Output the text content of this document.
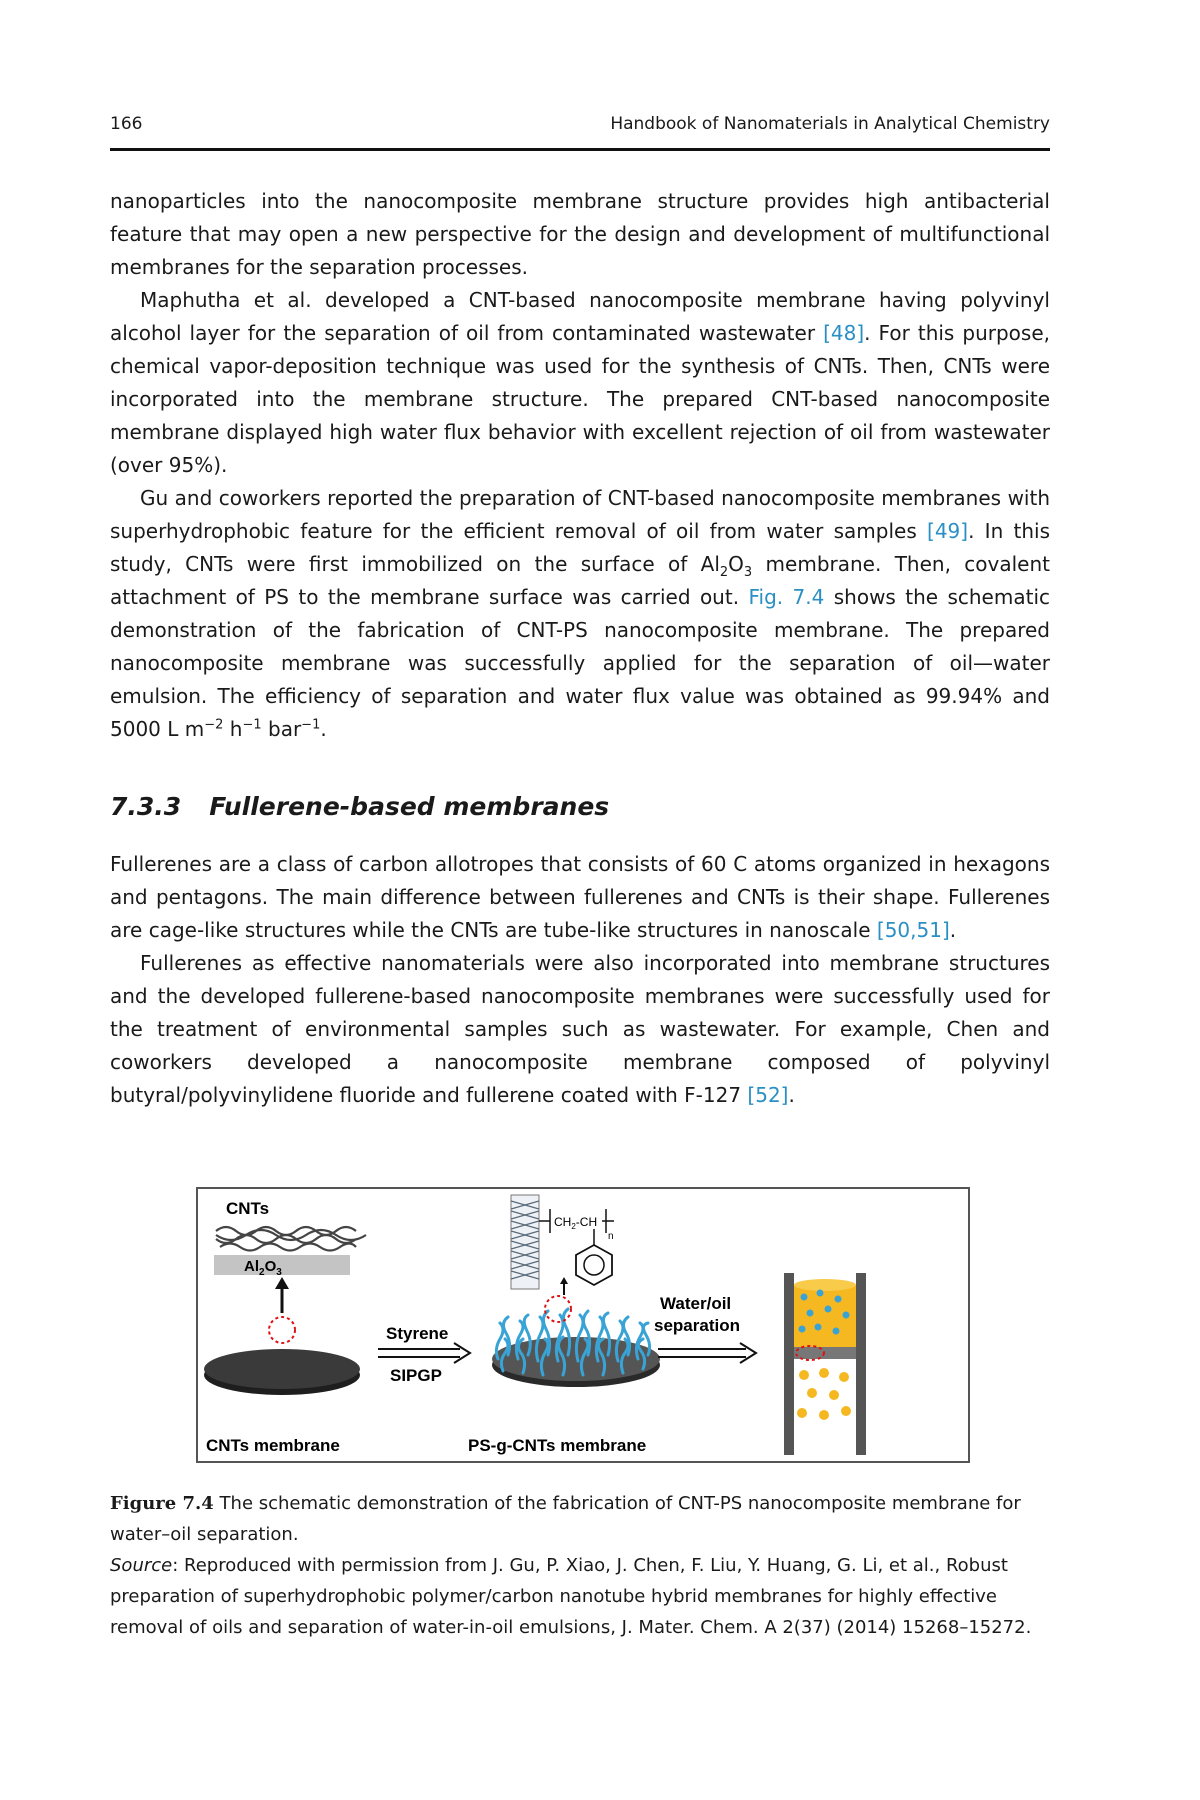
166	Handbook of Nanomaterials in Analytical Chemistry

nanoparticles into the nanocomposite membrane structure provides high antibacterial feature that may open a new perspective for the design and development of multifunctional membranes for the separation processes.

Maphutha et al. developed a CNT-based nanocomposite membrane having polyvinyl alcohol layer for the separation of oil from contaminated wastewater [48]. For this purpose, chemical vapor-deposition technique was used for the synthesis of CNTs. Then, CNTs were incorporated into the membrane structure. The prepared CNT-based nanocomposite membrane displayed high water flux behavior with excellent rejection of oil from wastewater (over 95%).

Gu and coworkers reported the preparation of CNT-based nanocomposite membranes with superhydrophobic feature for the efficient removal of oil from water samples [49]. In this study, CNTs were first immobilized on the surface of $Al_2O_3$ membrane. Then, covalent attachment of PS to the membrane surface was carried out. Fig. 7.4 shows the schematic demonstration of the fabrication of CNT-PS nanocomposite membrane. The prepared nanocomposite membrane was successfully applied for the separation of oil—water emulsion. The efficiency of separation and water flux value was obtained as 99.94% and 5000 L $m^{-2}$ $h^{-1}$ bar$^{-1}$.

7.3.3 Fullerene-based membranes

Fullerenes are a class of carbon allotropes that consists of 60 C atoms organized in hexagons and pentagons. The main difference between fullerenes and CNTs is their shape. Fullerenes are cage-like structures while the CNTs are tube-like structures in nanoscale [50,51].

Fullerenes as effective nanomaterials were also incorporated into membrane structures and the developed fullerene-based nanocomposite membranes were successfully used for the treatment of environmental samples such as wastewater. For example, Chen and coworkers developed a nanocomposite membrane composed of polyvinyl butyral/polyvinylidene fluoride and fullerene coated with F-127 [52].

CNTs
$Al_2O_3$
CNTs membrane
Styrene
SIPGP
$CH_2-CH$
n
PS-g-CNTs membrane
Water/oil
separation

Figure 7.4 The schematic demonstration of the fabrication of CNT-PS nanocomposite membrane for water–oil separation.

Source: Reproduced with permission from J. Gu, P. Xiao, J. Chen, F. Liu, Y. Huang, G. Li, et al., Robust preparation of superhydrophobic polymer/carbon nanotube hybrid membranes for highly effective removal of oils and separation of water-in-oil emulsions, J. Mater. Chem. A 2(37) (2014) 15268–15272.
